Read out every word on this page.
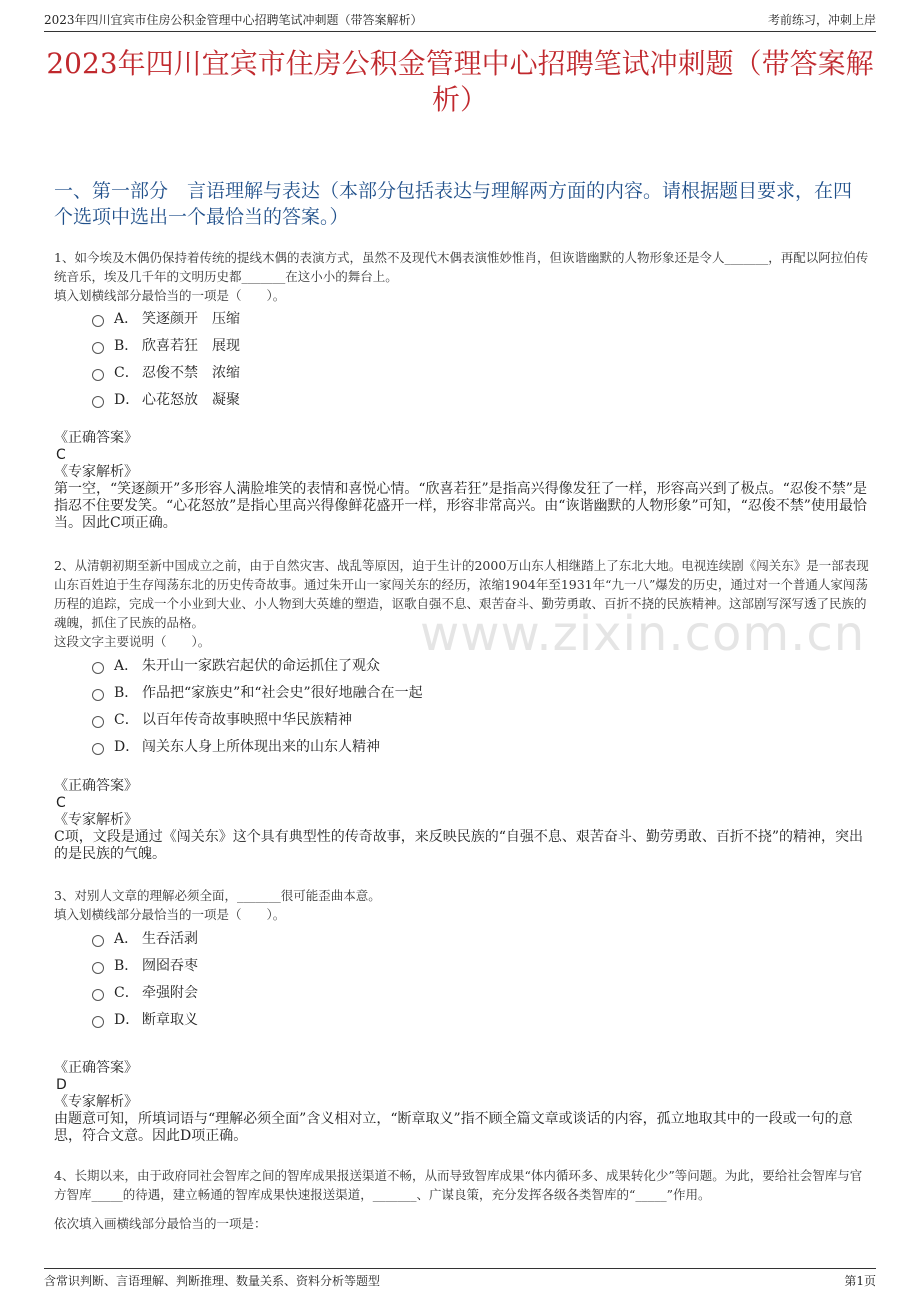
2023年四川宜宾市住房公积金管理中心招聘笔试冲刺题（带答案解析）	考前练习，冲刺上岸
2023年四川宜宾市住房公积金管理中心招聘笔试冲刺题（带答案解析）
一、第一部分　言语理解与表达（本部分包括表达与理解两方面的内容。请根据题目要求，在四个选项中选出一个最恰当的答案。）
www.zixin.com.cn
1、如今埃及木偶仍保持着传统的提线木偶的表演方式，虽然不及现代木偶表演惟妙惟肖，但诙谐幽默的人物形象还是令人_______，再配以阿拉伯传统音乐，埃及几千年的文明历史都_______在这小小的舞台上。
填入划横线部分最恰当的一项是（　　）。
A． 笑逐颜开　压缩
B． 欣喜若狂　展现
C． 忍俊不禁　浓缩
D． 心花怒放　凝聚
《正确答案》
C
《专家解析》
第一空，“笑逐颜开”多形容人满脸堆笑的表情和喜悦心情。“欣喜若狂”是指高兴得像发狂了一样，形容高兴到了极点。“忍俊不禁”是指忍不住要发笑。“心花怒放”是指心里高兴得像鲜花盛开一样，形容非常高兴。由“诙谐幽默的人物形象”可知，“忍俊不禁”使用最恰当。因此C项正确。
2、从清朝初期至新中国成立之前，由于自然灾害、战乱等原因，迫于生计的2000万山东人相继踏上了东北大地。电视连续剧《闯关东》是一部表现山东百姓迫于生存闯荡东北的历史传奇故事。通过朱开山一家闯关东的经历，浓缩1904年至1931年“九一八”爆发的历史，通过对一个普通人家闯荡历程的追踪，完成一个小业到大业、小人物到大英雄的塑造，讴歌自强不息、艰苦奋斗、勤劳勇敢、百折不挠的民族精神。这部剧写深写透了民族的魂魄，抓住了民族的品格。
这段文字主要说明（　　）。
A． 朱开山一家跌宕起伏的命运抓住了观众
B． 作品把“家族史”和“社会史”很好地融合在一起
C． 以百年传奇故事映照中华民族精神
D． 闯关东人身上所体现出来的山东人精神
《正确答案》
C
《专家解析》
C项，文段是通过《闯关东》这个具有典型性的传奇故事，来反映民族的“自强不息、艰苦奋斗、勤劳勇敢、百折不挠”的精神，突出的是民族的气魄。
3、对别人文章的理解必须全面，_______很可能歪曲本意。
填入划横线部分最恰当的一项是（　　）。
A． 生吞活剥
B． 囫囵吞枣
C． 牵强附会
D． 断章取义
《正确答案》
D
《专家解析》
由题意可知，所填词语与“理解必须全面”含义相对立，“断章取义”指不顾全篇文章或谈话的内容，孤立地取其中的一段或一句的意思，符合文意。因此D项正确。
4、长期以来，由于政府同社会智库之间的智库成果报送渠道不畅，从而导致智库成果“体内循环多、成果转化少”等问题。为此，要给社会智库与官方智库_____的待遇，建立畅通的智库成果快速报送渠道，_______、广谋良策，充分发挥各级各类智库的“_____”作用。
依次填入画横线部分最恰当的一项是：
含常识判断、言语理解、判断推理、数量关系、资料分析等题型	第1页
